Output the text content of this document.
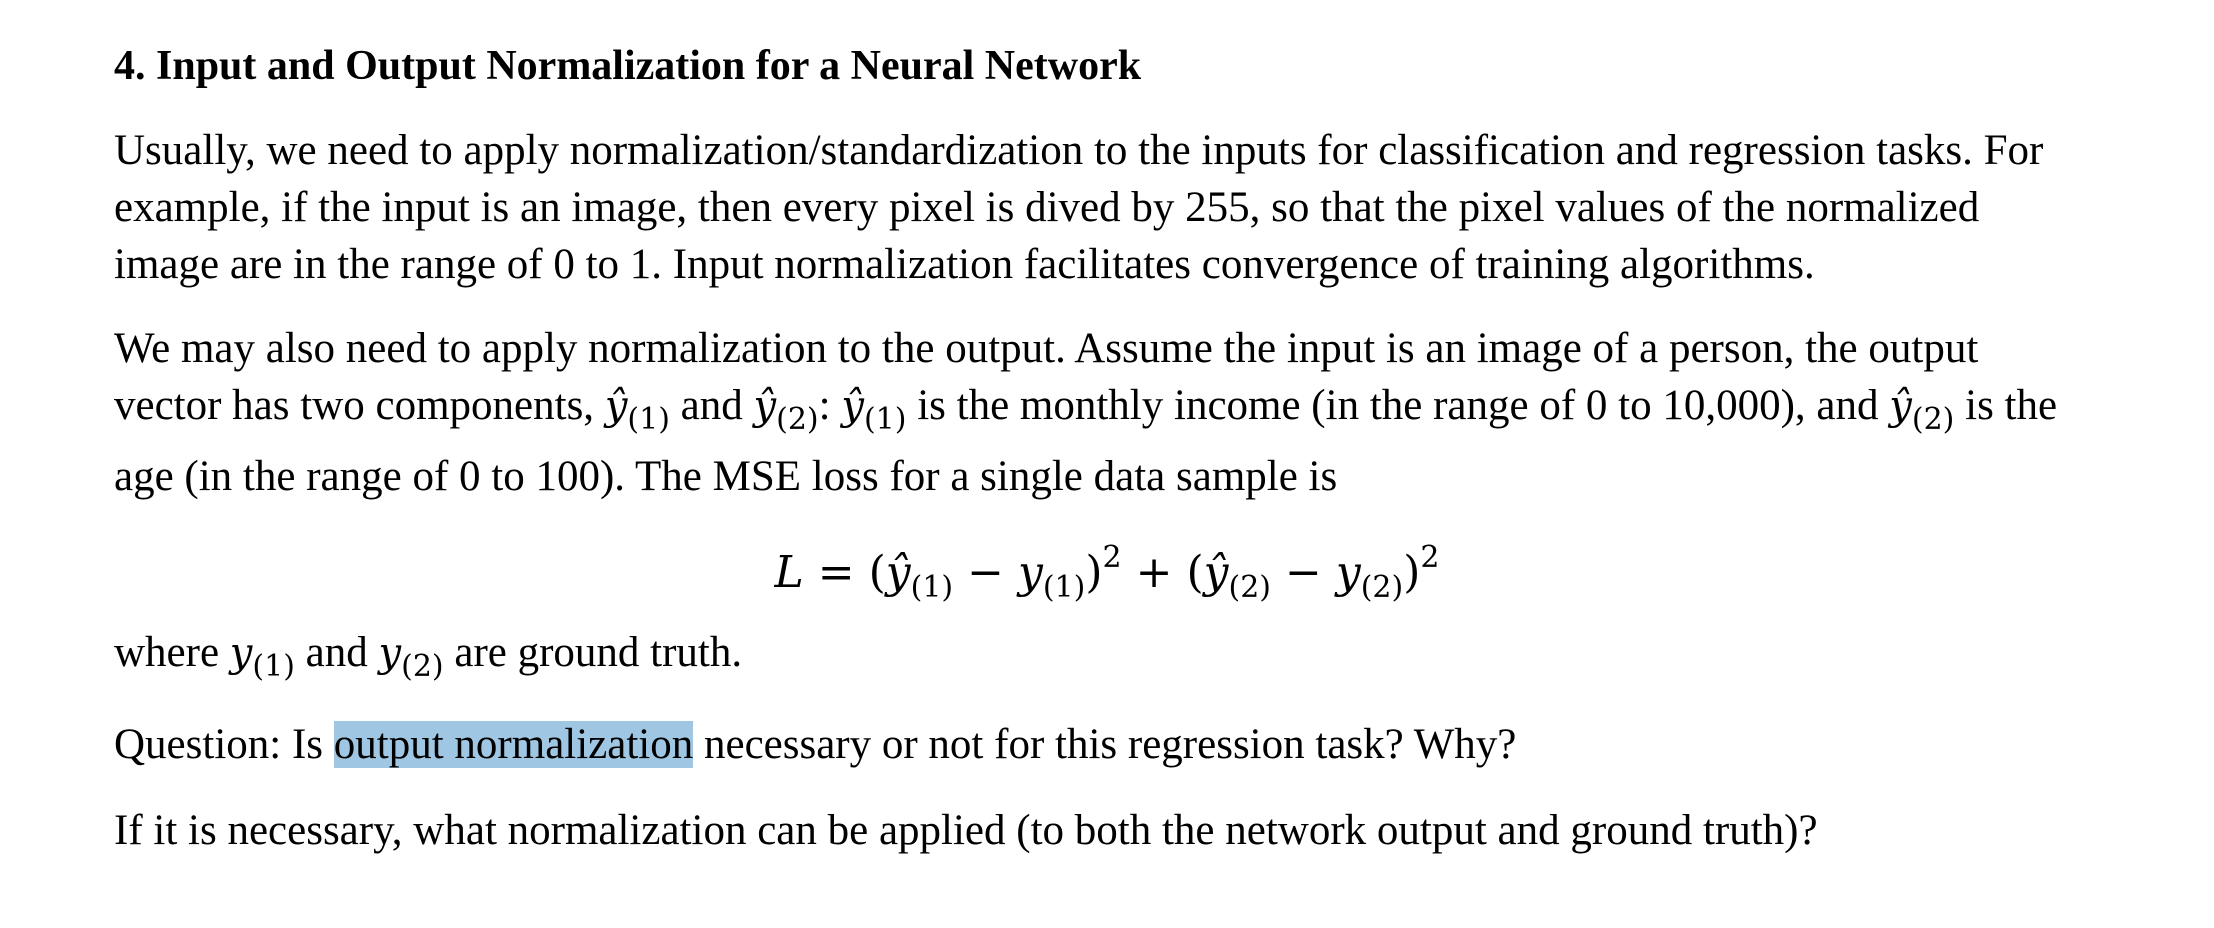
4. Input and Output Normalization for a Neural Network
Usually, we need to apply normalization/standardization to the inputs for classification and regression tasks. For
example, if the input is an image, then every pixel is dived by 255, so that the pixel values of the normalized
image are in the range of 0 to 1. Input normalization facilitates convergence of training algorithms.
We may also need to apply normalization to the output. Assume the input is an image of a person, the output
vector has two components, $ŷ_{(1)}$ and $ŷ_{(2)}$: $ŷ_{(1)}$ is the monthly income (in the range of 0 to 10,000), and $ŷ_{(2)}$ is the
age (in the range of 0 to 100). The MSE loss for a single data sample is
$L = (ŷ_{(1)} - y_{(1)})^2$ + $(ŷ_{(2)} - y_{(2)})^2$
where $y_{(1)}$ and $y_{(2)}$ are ground truth.
Question: Is output normalization necessary or not for this regression task? Why?
If it is necessary, what normalization can be applied (to both the network output and ground truth)?
